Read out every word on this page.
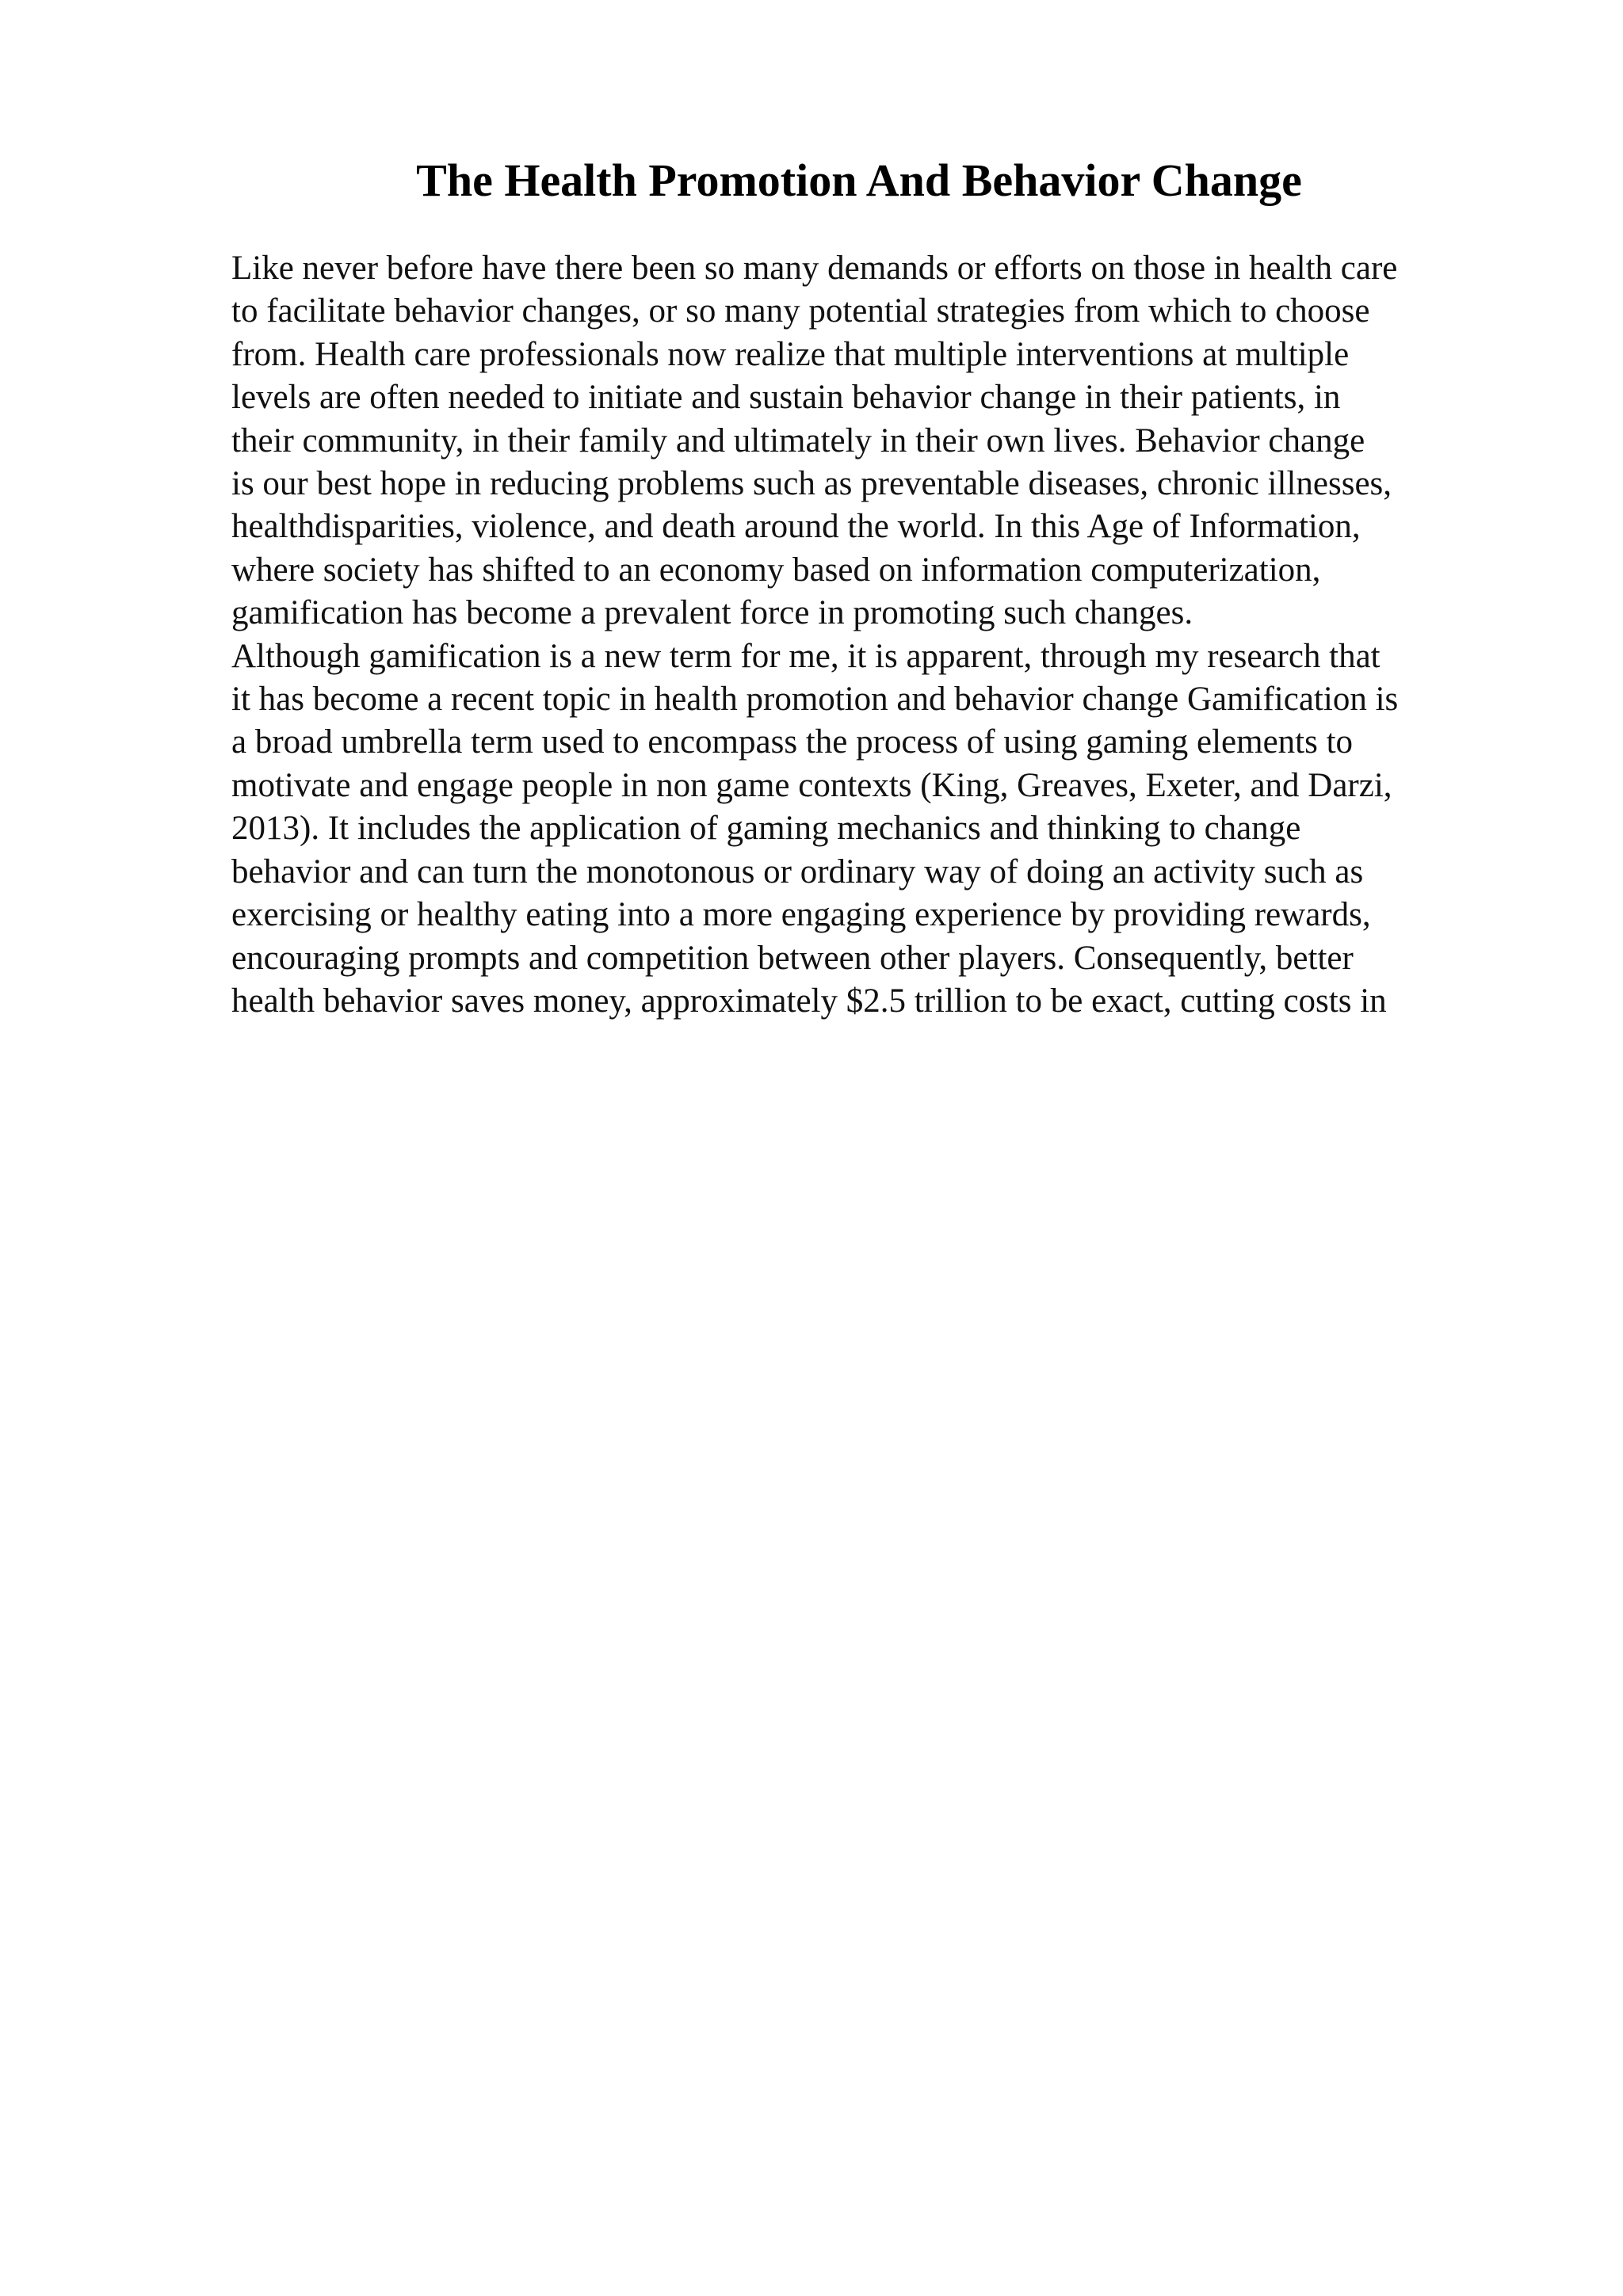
The Health Promotion And Behavior Change
Like never before have there been so many demands or efforts on those in health care
to facilitate behavior changes, or so many potential strategies from which to choose
from. Health care professionals now realize that multiple interventions at multiple
levels are often needed to initiate and sustain behavior change in their patients, in
their community, in their family and ultimately in their own lives. Behavior change
is our best hope in reducing problems such as preventable diseases, chronic illnesses,
healthdisparities, violence, and death around the world. In this Age of Information,
where society has shifted to an economy based on information computerization,
gamification has become a prevalent force in promoting such changes.
Although gamification is a new term for me, it is apparent, through my research that
it has become a recent topic in health promotion and behavior change Gamification is
a broad umbrella term used to encompass the process of using gaming elements to
motivate and engage people in non game contexts (King, Greaves, Exeter, and Darzi,
2013). It includes the application of gaming mechanics and thinking to change
behavior and can turn the monotonous or ordinary way of doing an activity such as
exercising or healthy eating into a more engaging experience by providing rewards,
encouraging prompts and competition between other players. Consequently, better
health behavior saves money, approximately $2.5 trillion to be exact, cutting costs in
